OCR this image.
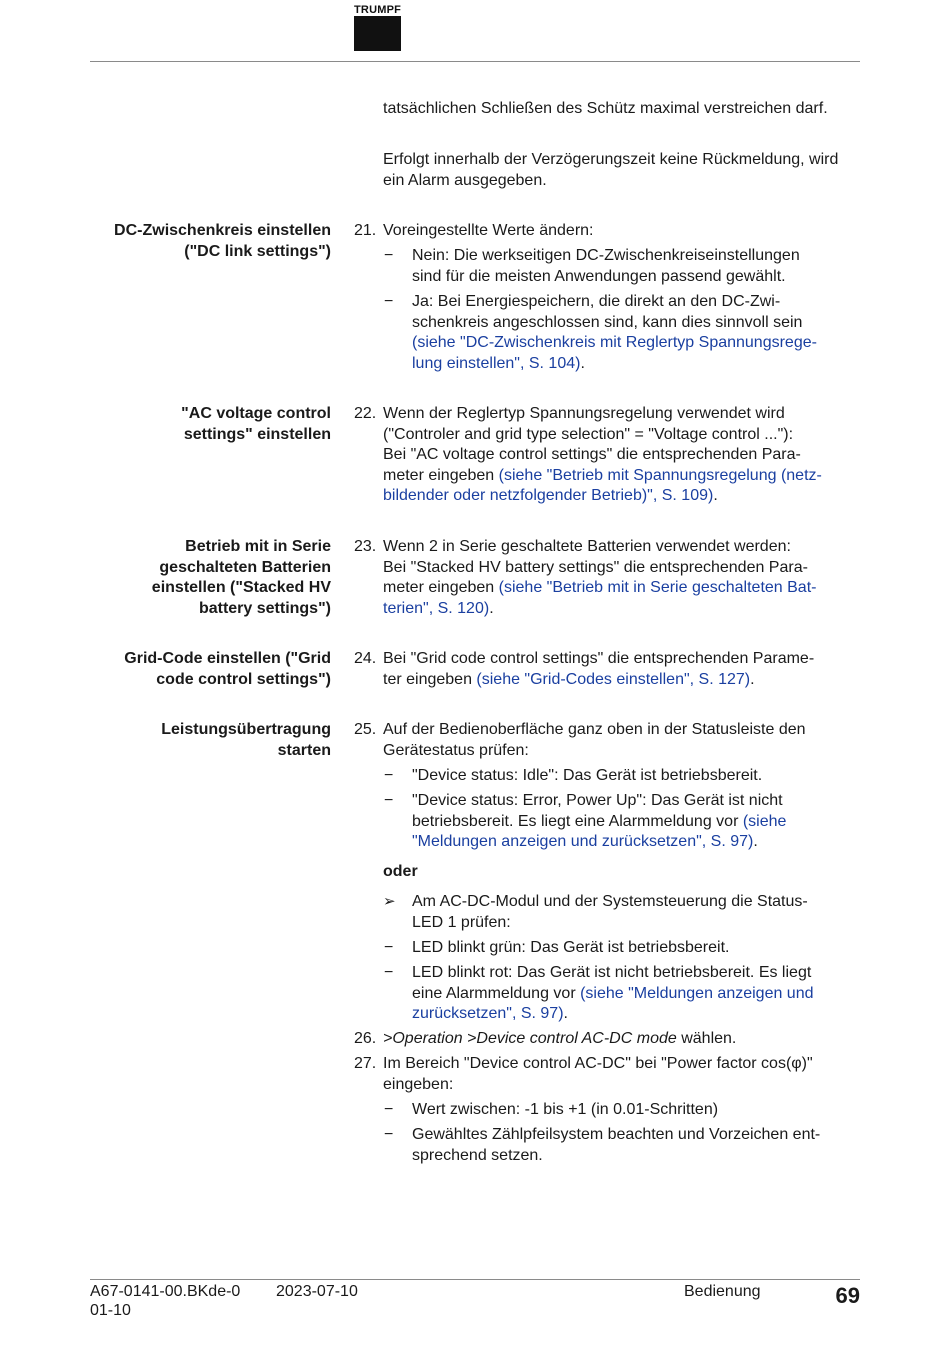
TRUMPF
tatsächlichen Schließen des Schütz maximal verstreichen darf.
Erfolgt innerhalb der Verzögerungszeit keine Rückmeldung, wird ein Alarm ausgegeben.
DC-Zwischenkreis einstellen
("DC link settings")
21. Voreingestellte Werte ändern:
− Nein: Die werkseitigen DC-Zwischenkreiseinstellungen
sind für die meisten Anwendungen passend gewählt.
− Ja: Bei Energiespeichern, die direkt an den DC-Zwi-
schenkreis angeschlossen sind, kann dies sinnvoll sein
(siehe "DC-Zwischenkreis mit Reglertyp Spannungsrege-
lung einstellen", S. 104).
"AC voltage control
settings" einstellen
22. Wenn der Reglertyp Spannungsregelung verwendet wird
("Controler and grid type selection" = "Voltage control ..."):
Bei "AC voltage control settings" die entsprechenden Para-
meter eingeben (siehe "Betrieb mit Spannungsregelung (netz-
bildender oder netzfolgender Betrieb)", S. 109).
Betrieb mit in Serie
geschalteten Batterien
einstellen ("Stacked HV
battery settings")
23. Wenn 2 in Serie geschaltete Batterien verwendet werden:
Bei "Stacked HV battery settings" die entsprechenden Para-
meter eingeben (siehe "Betrieb mit in Serie geschalteten Bat-
terien", S. 120).
Grid-Code einstellen ("Grid
code control settings")
24. Bei "Grid code control settings" die entsprechenden Parame-
ter eingeben (siehe "Grid-Codes einstellen", S. 127).
Leistungsübertragung
starten
25. Auf der Bedienoberfläche ganz oben in der Statusleiste den
Gerätestatus prüfen:
− "Device status: Idle": Das Gerät ist betriebsbereit.
− "Device status: Error, Power Up": Das Gerät ist nicht
betriebsbereit. Es liegt eine Alarmmeldung vor (siehe
"Meldungen anzeigen und zurücksetzen", S. 97).
oder
➢ Am AC-DC-Modul und der Systemsteuerung die Status-
LED 1 prüfen:
− LED blinkt grün: Das Gerät ist betriebsbereit.
− LED blinkt rot: Das Gerät ist nicht betriebsbereit. Es liegt
eine Alarmmeldung vor (siehe "Meldungen anzeigen und
zurücksetzen", S. 97).
26. >Operation >Device control AC-DC mode wählen.
27. Im Bereich "Device control AC-DC" bei "Power factor cos(φ)"
eingeben:
− Wert zwischen: -1 bis +1 (in 0.01-Schritten)
− Gewähltes Zählpfeilsystem beachten und Vorzeichen ent-
sprechend setzen.
A67-0141-00.BKde-0
01-10
2023-07-10	Bedienung	69
